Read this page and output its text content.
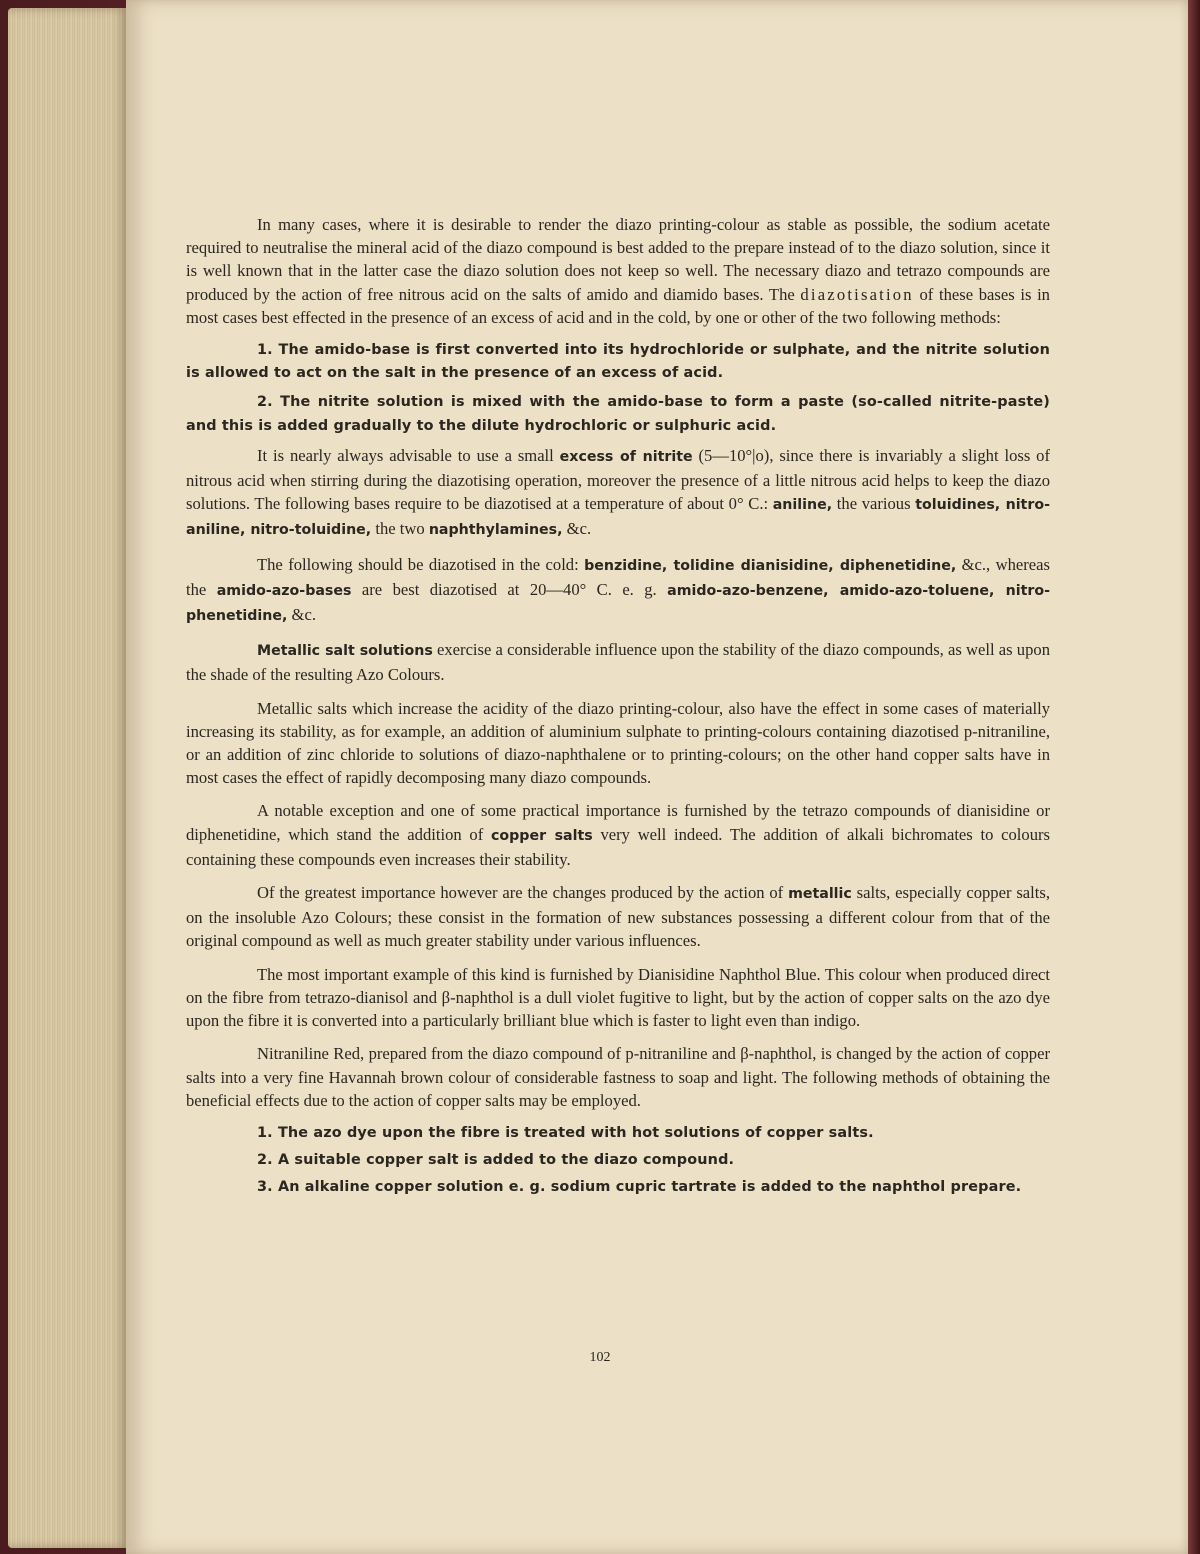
In many cases, where it is desirable to render the diazo printing-colour as stable as possible, the sodium acetate required to neutralise the mineral acid of the diazo compound is best added to the prepare instead of to the diazo solution, since it is well known that in the latter case the diazo solution does not keep so well. The necessary diazo and tetrazo compounds are produced by the action of free nitrous acid on the salts of amido and diamido bases. The diazotisation of these bases is in most cases best effected in the presence of an excess of acid and in the cold, by one or other of the two following methods:

1. The amido-base is first converted into its hydrochloride or sulphate, and the nitrite solution is allowed to act on the salt in the presence of an excess of acid.

2. The nitrite solution is mixed with the amido-base to form a paste (so-called nitrite-paste) and this is added gradually to the dilute hydrochloric or sulphuric acid.

It is nearly always advisable to use a small excess of nitrite (5—10°|o), since there is invariably a slight loss of nitrous acid when stirring during the diazotising operation, moreover the presence of a little nitrous acid helps to keep the diazo solutions. The following bases require to be diazotised at a temperature of about 0° C.: aniline, the various toluidines, nitro-aniline, nitro-toluidine, the two naphthylamines, &c.

The following should be diazotised in the cold: benzidine, tolidine dianisidine, diphenetidine, &c., whereas the amido-azo-bases are best diazotised at 20—40° C. e. g. amido-azo-benzene, amido-azo-toluene, nitro-phenetidine, &c.

Metallic salt solutions exercise a considerable influence upon the stability of the diazo compounds, as well as upon the shade of the resulting Azo Colours.

Metallic salts which increase the acidity of the diazo printing-colour, also have the effect in some cases of materially increasing its stability, as for example, an addition of aluminium sulphate to printing-colours containing diazotised p-nitraniline, or an addition of zinc chloride to solutions of diazo-naphthalene or to printing-colours; on the other hand copper salts have in most cases the effect of rapidly decomposing many diazo compounds.

A notable exception and one of some practical importance is furnished by the tetrazo compounds of dianisidine or diphenetidine, which stand the addition of copper salts very well indeed. The addition of alkali bichromates to colours containing these compounds even increases their stability.

Of the greatest importance however are the changes produced by the action of metallic salts, especially copper salts, on the insoluble Azo Colours; these consist in the formation of new substances possessing a different colour from that of the original compound as well as much greater stability under various influences.

The most important example of this kind is furnished by Dianisidine Naphthol Blue. This colour when produced direct on the fibre from tetrazo-dianisol and β-naphthol is a dull violet fugitive to light, but by the action of copper salts on the azo dye upon the fibre it is converted into a particularly brilliant blue which is faster to light even than indigo.

Nitraniline Red, prepared from the diazo compound of p-nitraniline and β-naphthol, is changed by the action of copper salts into a very fine Havannah brown colour of considerable fastness to soap and light. The following methods of obtaining the beneficial effects due to the action of copper salts may be employed.

1. The azo dye upon the fibre is treated with hot solutions of copper salts.

2. A suitable copper salt is added to the diazo compound.

3. An alkaline copper solution e. g. sodium cupric tartrate is added to the naphthol prepare.

102
